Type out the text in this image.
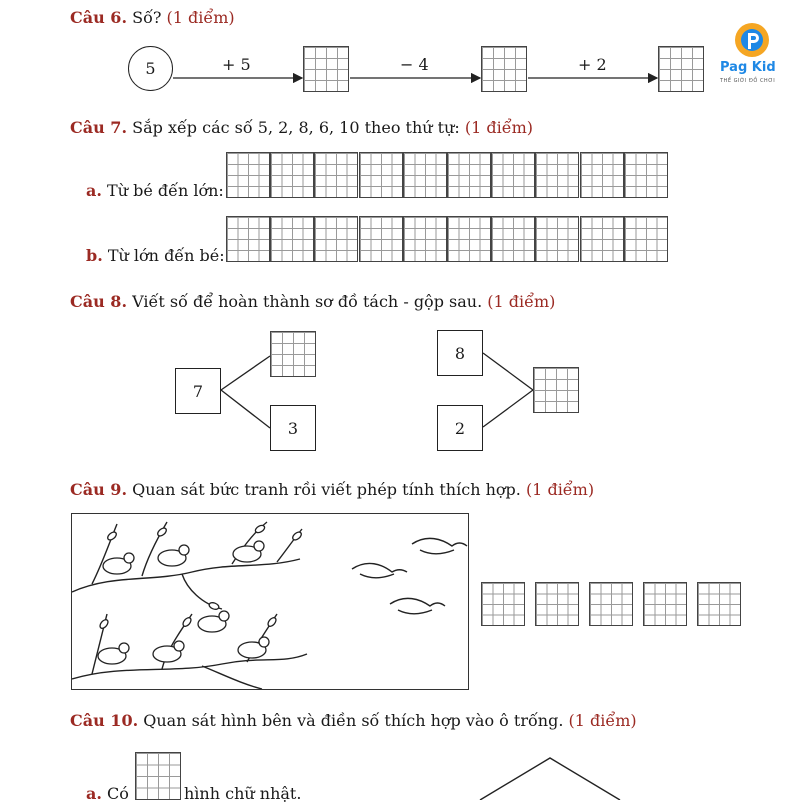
Pag Kid
THẾ GIỚI ĐỒ CHƠI
Câu 6. Số? (1 điểm)
5	+ 5	− 4	+ 2
Câu 7. Sắp xếp các số 5, 2, 8, 6, 10 theo thứ tự: (1 điểm)
a. Từ bé đến lớn:
b. Từ lớn đến bé:
Câu 8. Viết số để hoàn thành sơ đồ tách - gộp sau. (1 điểm)
7
3
8
2
Câu 9. Quan sát bức tranh rồi viết phép tính thích hợp. (1 điểm)
Câu 10. Quan sát hình bên và điền số thích hợp vào ô trống. (1 điểm)
a. Có	hình chữ nhật.
